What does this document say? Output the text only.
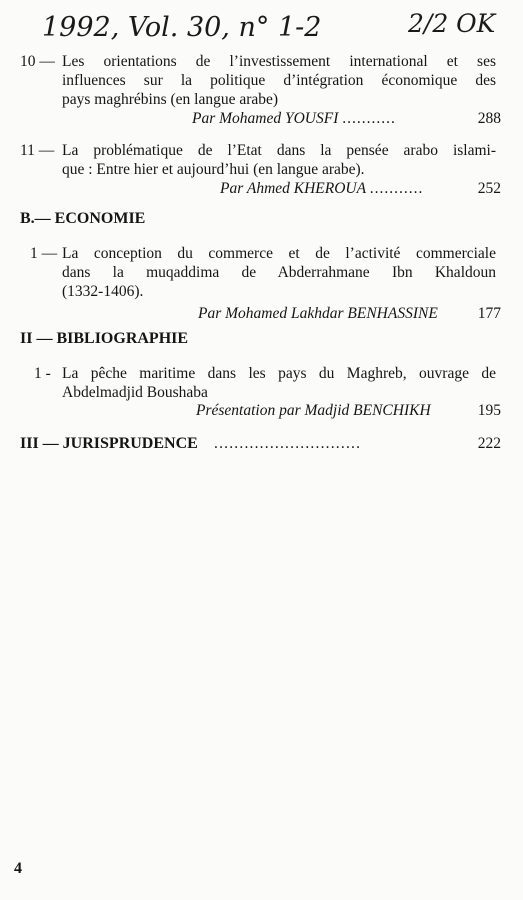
1992, Vol. 30, n° 1-2	2/2 OK
10 — Les orientations de l’investissement international et ses
influences sur la politique d’intégration économique des
pays maghrébins (en langue arabe)
Par Mohamed YOUSFI ...........	288
11 — La problématique de l’Etat dans la pensée arabo islami-
que : Entre hier et aujourd’hui (en langue arabe).
Par Ahmed KHEROUA ...........	252
B.— ECONOMIE
1 — La conception du commerce et de l’activité commerciale
dans la muqaddima de Abderrahmane Ibn Khaldoun
(1332-1406).
Par Mohamed Lakhdar BENHASSINE	177
II — BIBLIOGRAPHIE
1 - La pêche maritime dans les pays du Maghreb, ouvrage de
Abdelmadjid Boushaba
Présentation par Madjid BENCHIKH	195
III — JURISPRUDENCE .............................	222
4
